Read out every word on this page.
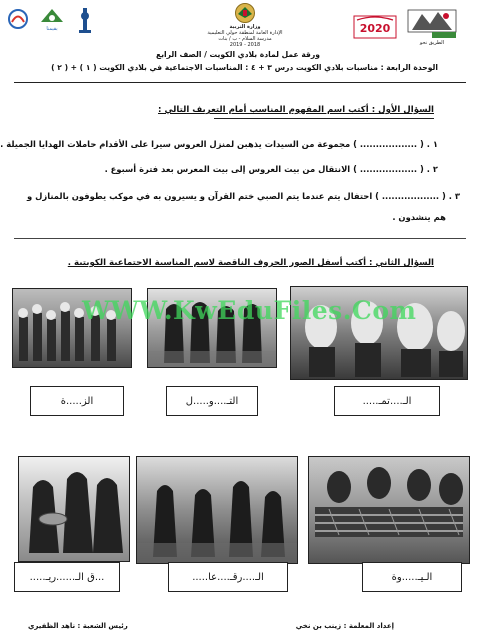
الطريق نحو
2020
وزارة التربية
الإدارة العامة لمنطقة حولي التعليمية
مدرسة السلام - ب / بنات
2018 - 2019
بقيمنا
ورقة عمل لمادة بلادي الكويت / الصف الرابع
الوحدة الرابعة : مناسبات بلادي الكويت درس ٣ + ٤ : المناسبات الاجتماعية في بلادي الكويت ( ١ ) + ( ٢ )
السؤال الأول : أكتب اسم المفهوم المناسب أمام التعريف التالي :
١ . ( .................. ) مجموعة من السيدات يذهبن لمنزل العروس سيرا على الأقدام حاملات الهدايا الجميلة .
٢ . ( .................. ) الانتقال من بيت العروس إلى بيت المعرس بعد فترة أسبوع .
٣ . ( .................. ) احتفال يتم عندما يتم الصبي ختم القرآن و يسيرون به في موكب يطوفون بالمنازل و
هم ينشدون .
السؤال الثاني : أكتب أسفل الصور الحروف الناقصة لاسم المناسبة الاجتماعية الكويتية .
الز.....ة	التـ....و.....ل	الـ....تمـ.....
...ق الـ......ريـ.....	الـ....رقـ....عا.....	الـيـ.....وة
WWW.KwEduFiles.Com
إعداد المعلمة : زينب بن نخي
رئيس الشعبة : ناهد الظفيري
